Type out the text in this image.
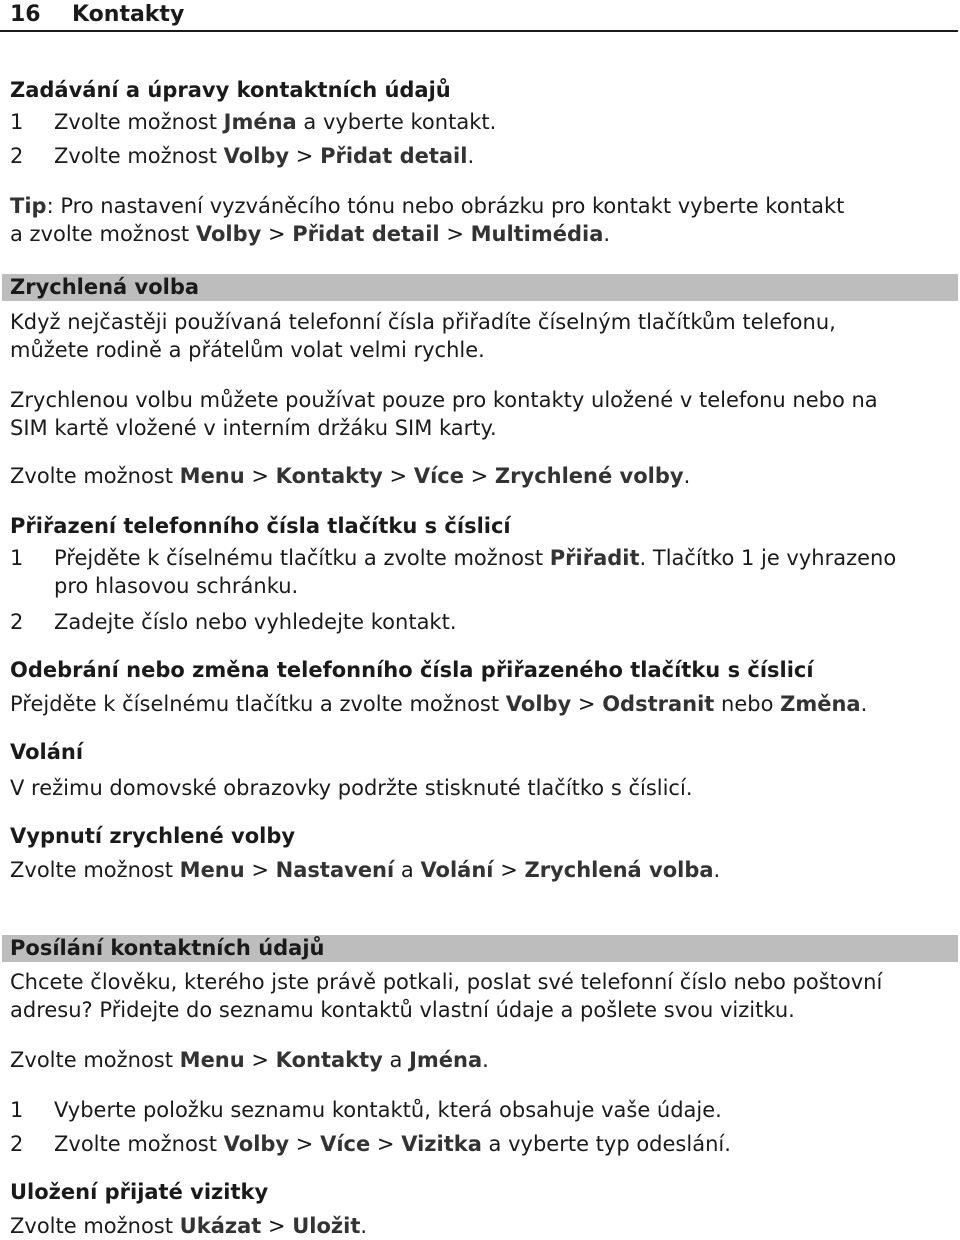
16 Kontakty
Zadávání a úpravy kontaktních údajů
1 Zvolte možnost Jména a vyberte kontakt.
2 Zvolte možnost Volby > Přidat detail.
Tip: Pro nastavení vyzváněcího tónu nebo obrázku pro kontakt vyberte kontakt
a zvolte možnost Volby > Přidat detail > Multimédia.
Zrychlená volba
Když nejčastěji používaná telefonní čísla přiřadíte číselným tlačítkům telefonu,
můžete rodině a přátelům volat velmi rychle.
Zrychlenou volbu můžete používat pouze pro kontakty uložené v telefonu nebo na
SIM kartě vložené v interním držáku SIM karty.
Zvolte možnost Menu > Kontakty > Více > Zrychlené volby.
Přiřazení telefonního čísla tlačítku s číslicí
1 Přejděte k číselnému tlačítku a zvolte možnost Přiřadit. Tlačítko 1 je vyhrazeno
pro hlasovou schránku.
2 Zadejte číslo nebo vyhledejte kontakt.
Odebrání nebo změna telefonního čísla přiřazeného tlačítku s číslicí
Přejděte k číselnému tlačítku a zvolte možnost Volby > Odstranit nebo Změna.
Volání
V režimu domovské obrazovky podržte stisknuté tlačítko s číslicí.
Vypnutí zrychlené volby
Zvolte možnost Menu > Nastavení a Volání > Zrychlená volba.
Posílání kontaktních údajů
Chcete člověku, kterého jste právě potkali, poslat své telefonní číslo nebo poštovní
adresu? Přidejte do seznamu kontaktů vlastní údaje a pošlete svou vizitku.
Zvolte možnost Menu > Kontakty a Jména.
1 Vyberte položku seznamu kontaktů, která obsahuje vaše údaje.
2 Zvolte možnost Volby > Více > Vizitka a vyberte typ odeslání.
Uložení přijaté vizitky
Zvolte možnost Ukázat > Uložit.
